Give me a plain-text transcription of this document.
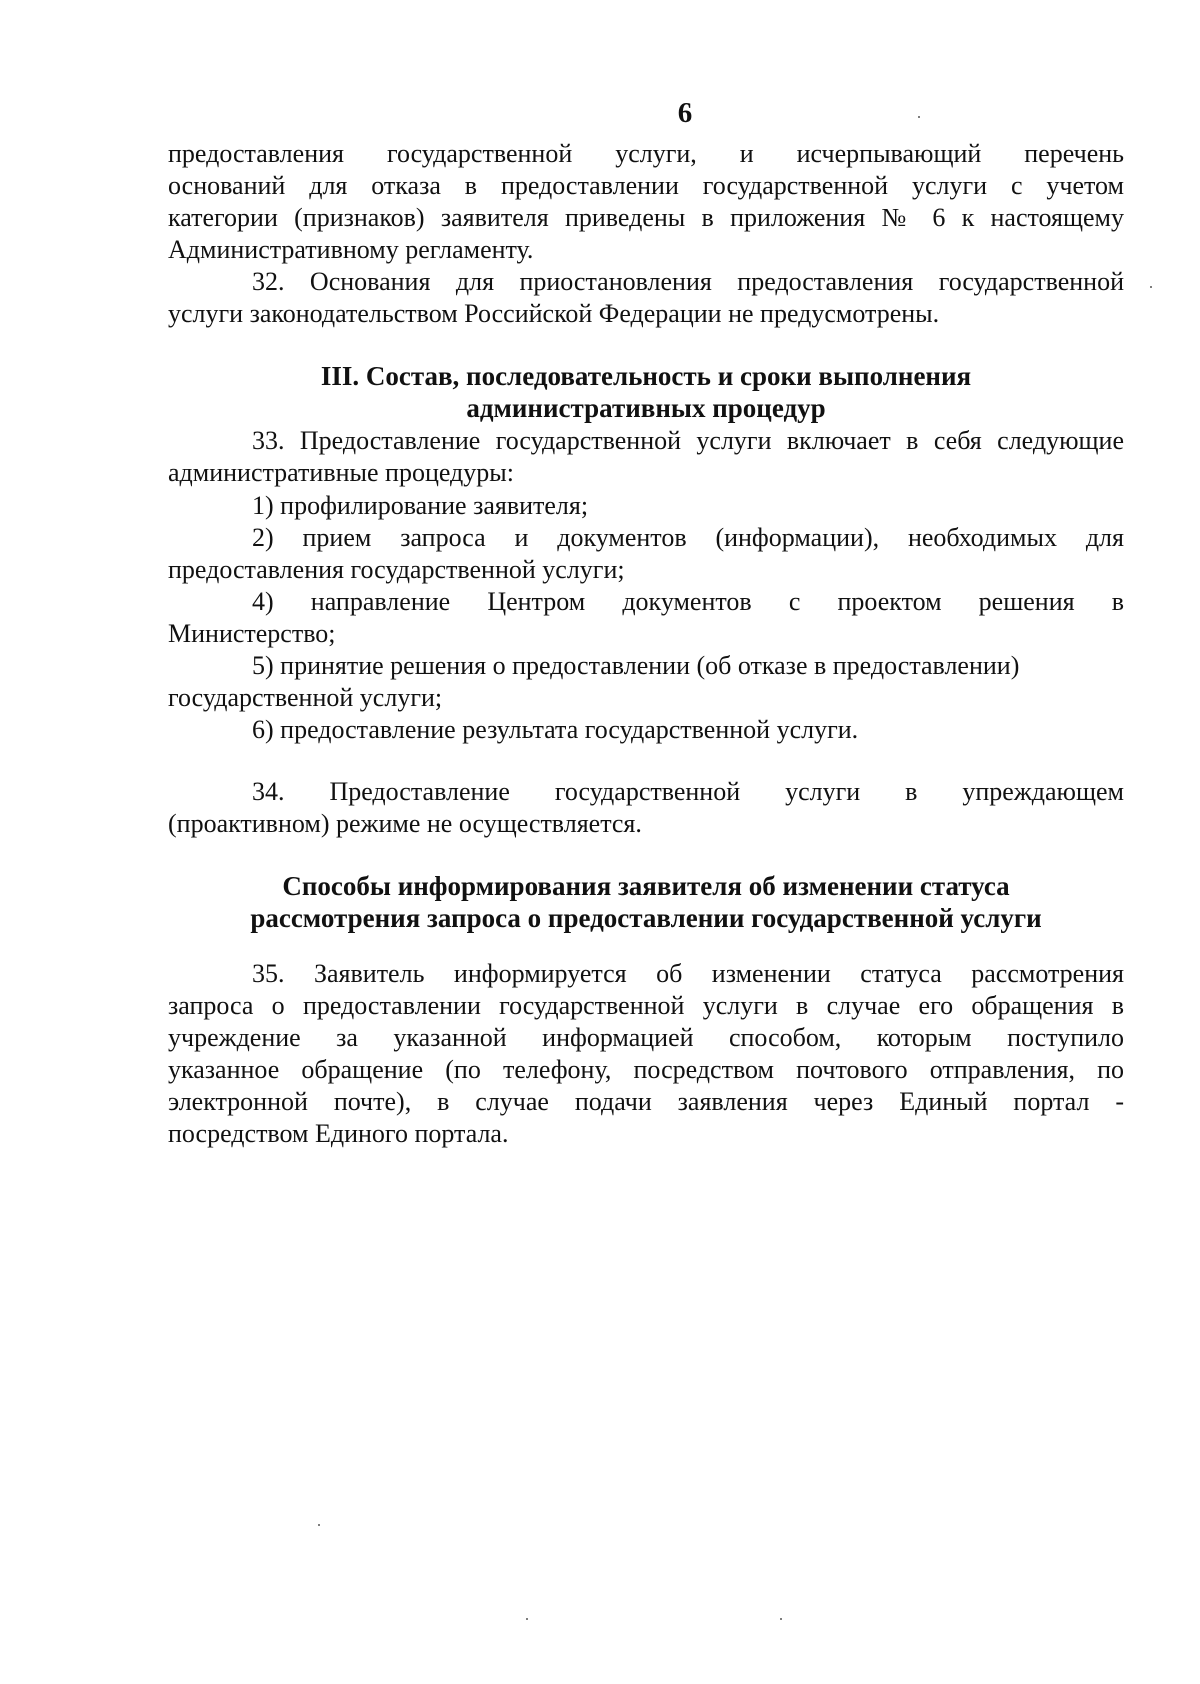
6
предоставления государственной услуги, и исчерпывающий перечень
оснований для отказа в предоставлении государственной услуги с учетом
категории (признаков) заявителя приведены в приложения № 6 к настоящему
Административному регламенту.
32. Основания для приостановления предоставления государственной
услуги законодательством Российской Федерации не предусмотрены.
III. Состав, последовательность и сроки выполнения
административных процедур
33. Предоставление государственной услуги включает в себя следующие
административные процедуры:
1) профилирование заявителя;
2) прием запроса и документов (информации), необходимых для
предоставления государственной услуги;
4) направление Центром документов с проектом решения в
Министерство;
5) принятие решения о предоставлении (об отказе в предоставлении)
государственной услуги;
6) предоставление результата государственной услуги.
34. Предоставление государственной услуги в упреждающем
(проактивном) режиме не осуществляется.
Способы информирования заявителя об изменении статуса
рассмотрения запроса о предоставлении государственной услуги
35. Заявитель информируется об изменении статуса рассмотрения
запроса о предоставлении государственной услуги в случае его обращения в
учреждение за указанной информацией способом, которым поступило
указанное обращение (по телефону, посредством почтового отправления, по
электронной почте), в случае подачи заявления через Единый портал -
посредством Единого портала.
